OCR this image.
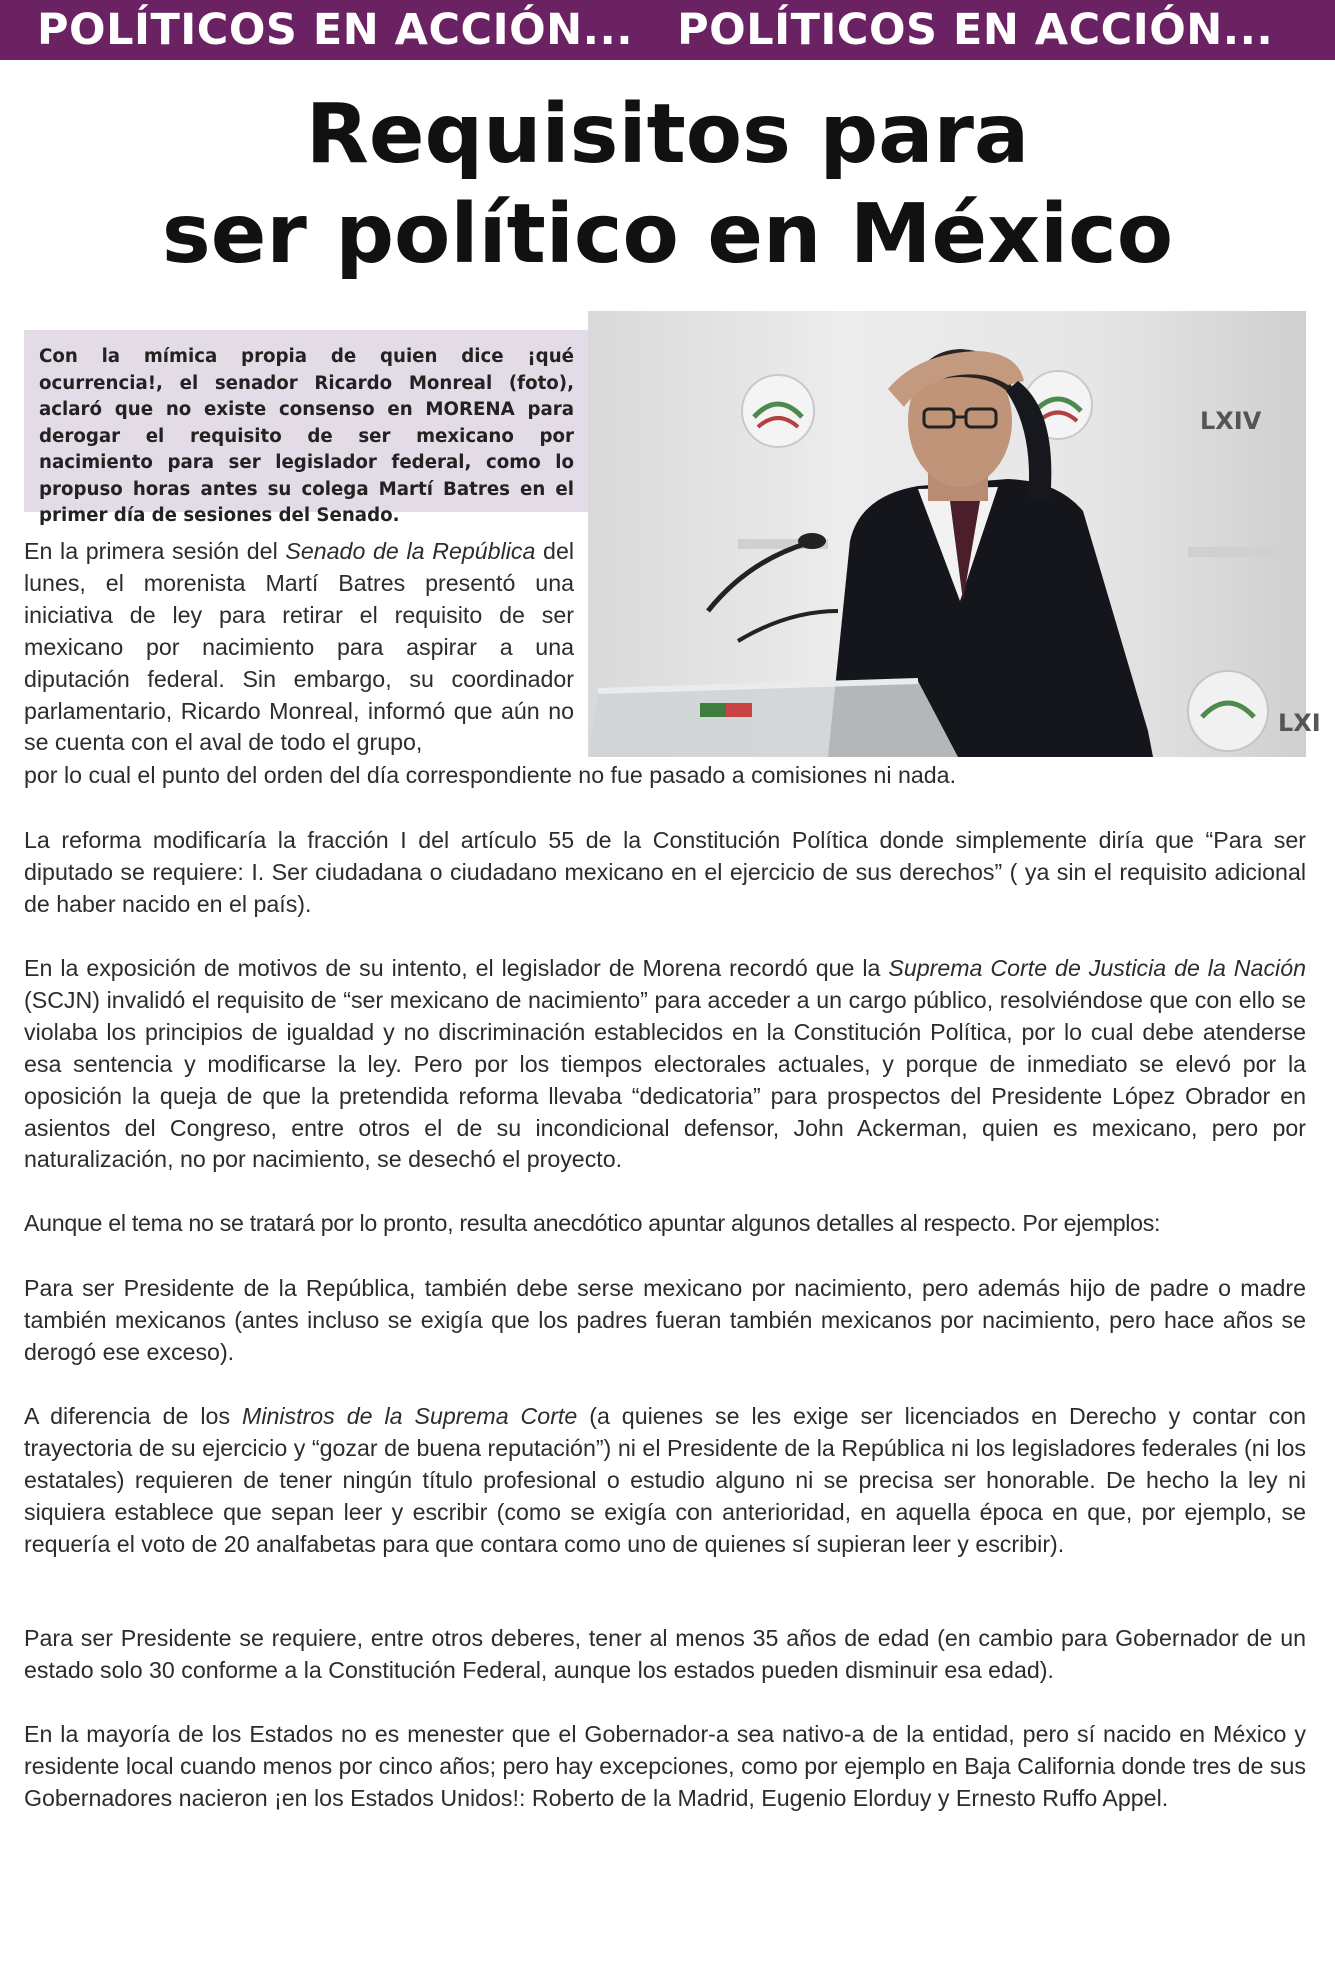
POLÍTICOS EN ACCIÓN... POLÍTICOS EN ACCIÓN...
Requisitos para
ser político en México
Con la mímica propia de quien dice ¡qué ocurrencia!, el senador Ricardo Monreal (foto), aclaró que no existe consenso en MORENA para derogar el requisito de ser mexicano por nacimiento para ser legislador federal, como lo propuso horas antes su colega Martí Batres en el primer día de sesiones del Senado.
LXIV
LXI

En la primera sesión del Senado de la República del lunes, el morenista Martí Batres presentó una iniciativa de ley para retirar el requisito de ser mexicano por nacimiento para aspirar a una diputación federal. Sin embargo, su coordinador parlamentario, Ricardo Monreal, informó que aún no se cuenta con el aval de todo el grupo,

por lo cual el punto del orden del día correspondiente no fue pasado a comisiones ni nada.

La reforma modificaría la fracción I del artículo 55 de la Constitución Política donde simplemente diría que “Para ser diputado se requiere: I. Ser ciudadana o ciudadano mexicano en el ejercicio de sus derechos” ( ya sin el requisito adicional de haber nacido en el país).

En la exposición de motivos de su intento, el legislador de Morena recordó que la Suprema Corte de Justicia de la Nación (SCJN) invalidó el requisito de “ser mexicano de nacimiento” para acceder a un cargo público, resolviéndose que con ello se violaba los principios de igualdad y no discriminación establecidos en la Constitución Política, por lo cual debe atenderse esa sentencia y modificarse la ley. Pero por los tiempos electorales actuales, y porque de inmediato se elevó por la oposición la queja de que la pretendida reforma llevaba “dedicatoria” para prospectos del Presidente López Obrador en asientos del Congreso, entre otros el de su incondicional defensor, John Ackerman, quien es mexicano, pero por naturalización, no por nacimiento, se desechó el proyecto.

Aunque el tema no se tratará por lo pronto, resulta anecdótico apuntar algunos detalles al respecto. Por ejemplos:

Para ser Presidente de la República, también debe serse mexicano por nacimiento, pero además hijo de padre o madre también mexicanos (antes incluso se exigía que los padres fueran también mexicanos por nacimiento, pero hace años se derogó ese exceso).

A diferencia de los Ministros de la Suprema Corte (a quienes se les exige ser licenciados en Derecho y contar con trayectoria de su ejercicio y “gozar de buena reputación”) ni el Presidente de la República ni los legisladores federales (ni los estatales) requieren de tener ningún título profesional o estudio alguno ni se precisa ser honorable. De hecho la ley ni siquiera establece que sepan leer y escribir (como se exigía con anterioridad, en aquella época en que, por ejemplo, se requería el voto de 20 analfabetas para que contara como uno de quienes sí supieran leer y escribir).

Para ser Presidente se requiere, entre otros deberes, tener al menos 35 años de edad (en cambio para Gobernador de un estado solo 30 conforme a la Constitución Federal, aunque los estados pueden disminuir esa edad).

En la mayoría de los Estados no es menester que el Gobernador-a sea nativo-a de la entidad, pero sí nacido en México y residente local cuando menos por cinco años; pero hay excepciones, como por ejemplo en Baja California donde tres de sus Gobernadores nacieron ¡en los Estados Unidos!: Roberto de la Madrid, Eugenio Elorduy y Ernesto Ruffo Appel.
